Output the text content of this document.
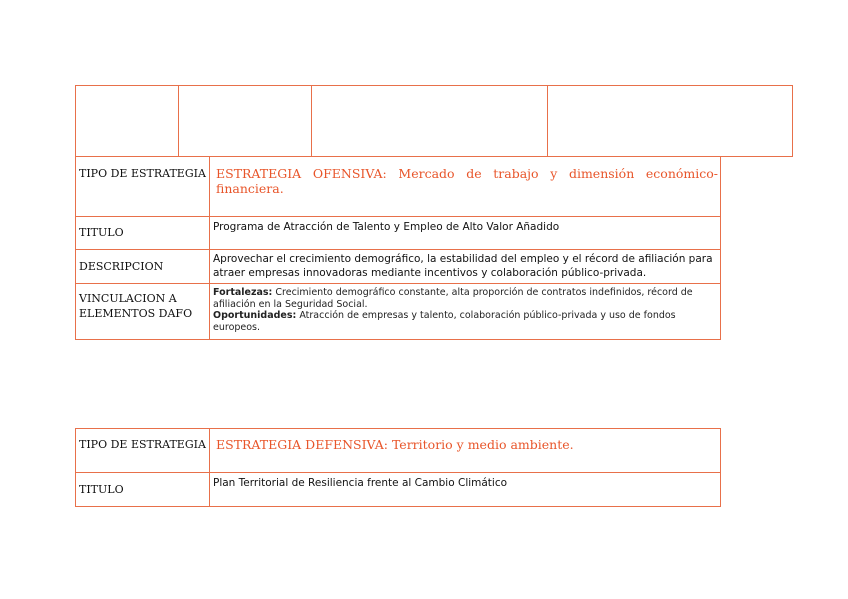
TIPO DE ESTRATEGIA ESTRATEGIA OFENSIVA: Mercado de trabajo y dimensión económico-
financiera.
TITULO	Programa de Atracción de Talento y Empleo de Alto Valor Añadido
DESCRIPCION
Aprovechar el crecimiento demográfico, la estabilidad del empleo y el récord de afiliación para atraer empresas innovadoras mediante incentivos y colaboración público-privada.
VINCULACION A
ELEMENTOS DAFO
Fortalezas: Crecimiento demográfico constante, alta proporción de contratos indefinidos, récord de afiliación en la Seguridad Social.
Oportunidades: Atracción de empresas y talento, colaboración público-privada y uso de fondos europeos.
TIPO DE ESTRATEGIA ESTRATEGIA DEFENSIVA: Territorio y medio ambiente.
TITULO	Plan Territorial de Resiliencia frente al Cambio Climático
